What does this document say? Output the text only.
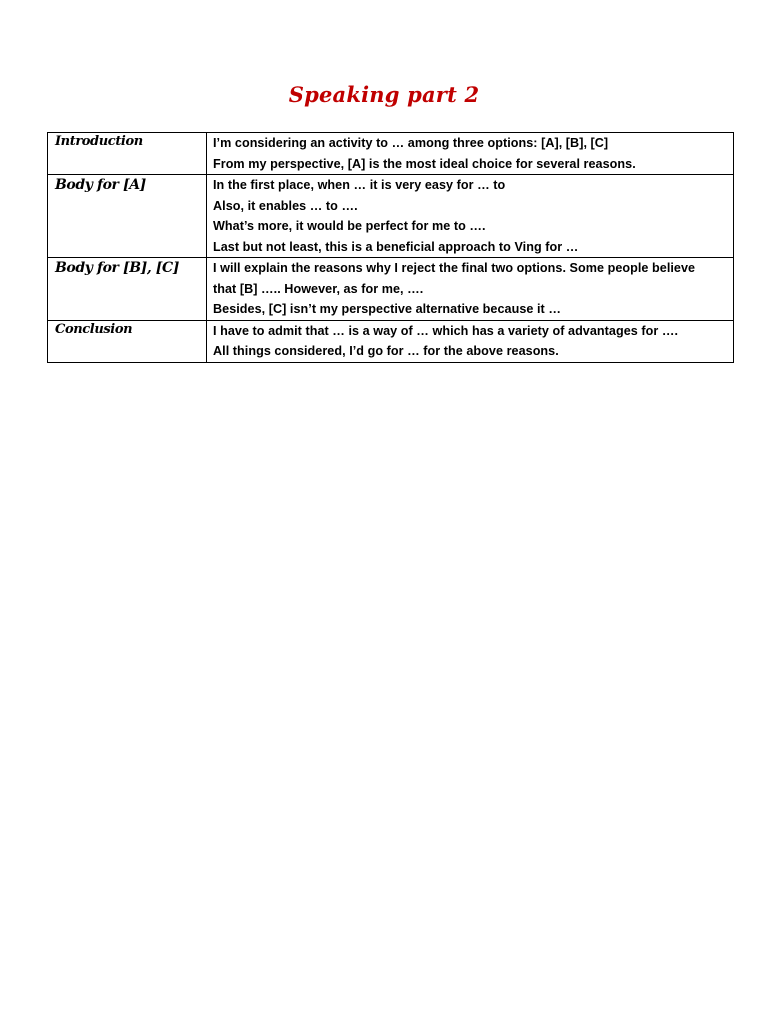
Speaking part 2
Introduction	I’m considering an activity to … among three options: [A], [B], [C]
From my perspective, [A] is the most ideal choice for several reasons.

Body for [A]	In the first place, when … it is very easy for … to
Also, it enables … to ….
What’s more, it would be perfect for me to ….
Last but not least, this is a beneficial approach to Ving for …

Body for [B], [C]	I will explain the reasons why I reject the final two options. Some people believe
that [B] ….. However, as for me, ….
Besides, [C] isn’t my perspective alternative because it …

Conclusion	I have to admit that … is a way of … which has a variety of advantages for ….
All things considered, I’d go for … for the above reasons.
